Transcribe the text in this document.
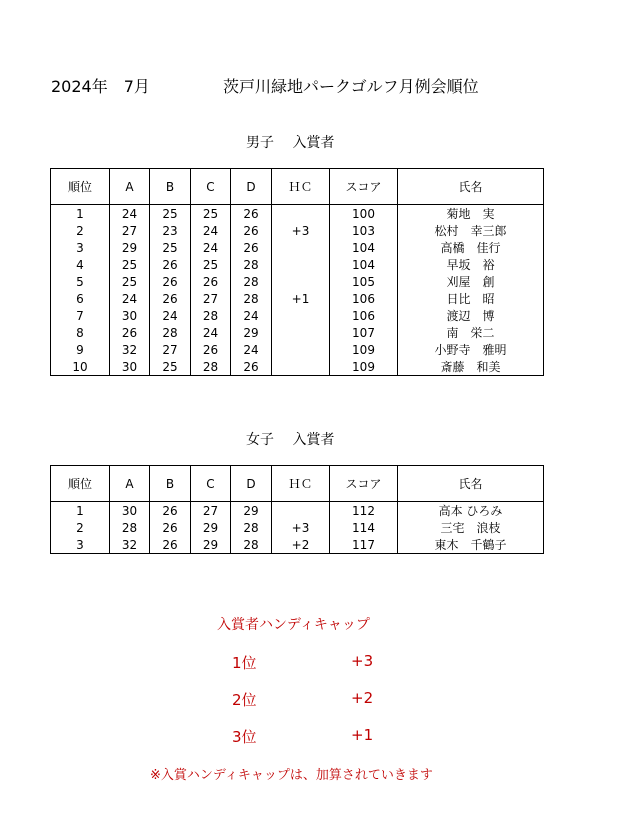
2024年　7月	茨戸川緑地パークゴルフ月例会順位
男子　 入賞者
順位	A	B	C	D	ＨＣ	スコア	氏名
1	24	25	25	26		100	菊地　実
2	27	23	24	26	+3	103	松村　幸三郎
3	29	25	24	26		104	高橋　佳行
4	25	26	25	28		104	早坂　裕
5	25	26	26	28		105	刈屋　創
6	24	26	27	28	+1	106	日比　昭
7	30	24	28	24		106	渡辺　博
8	26	28	24	29		107	南　栄二
9	32	27	26	24		109	小野寺　雅明
10	30	25	28	26		109	斎藤　和美
女子　 入賞者
順位	A	B	C	D	ＨＣ	スコア	氏名
1	30	26	27	29		112	高本 ひろみ
2	28	26	29	28	+3	114	三宅　浪枝
3	32	26	29	28	+2	117	東木　千鶴子
入賞者ハンディキャップ
1位	+3
2位	+2
3位	+1
※入賞ハンディキャップは、加算されていきます
